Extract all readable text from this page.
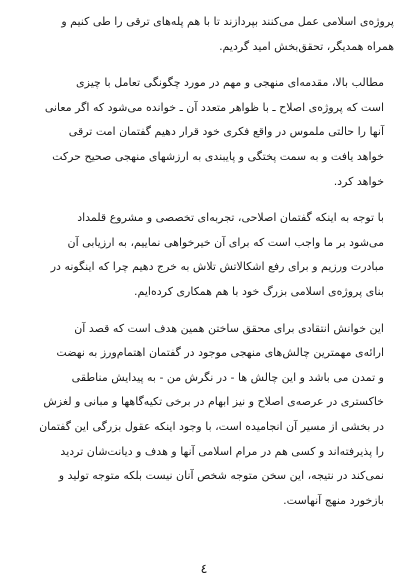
پروژه‌ی اسلامی عمل می‌کنند بپردازند تا با هم پله‌های ترقی را طی کنیم و
همراه همدیگر، تحقق‌بخش امید گردیم.

مطالب بالا، مقدمه‌ای منهجی و مهم در مورد چگونگی تعامل با چیزی
است که پروژه‌ی اصلاح ـ با ظواهر متعدد آن ـ خوانده می‌شود که اگر معانی
آنها را حالتی ملموس در واقع فکری خود قرار دهیم گفتمان امت ترقی
خواهد یافت و به سمت پختگی و پایبندی به ارزشهای منهجی صحیح حرکت
خواهد کرد.

با توجه به اینکه گفتمان اصلاحی، تجربه‌ای تخصصی و مشروع قلمداد
می‌شود بر ما واجب است که برای آن خیرخواهی نماییم، به ارزیابی آن
مبادرت ورزیم و برای رفع اشکالاتش تلاش به خرج دهیم چرا که اینگونه در
بنای پروژه‌ی اسلامی بزرگ خود با هم همکاری کرده‌ایم.

این خوانش انتقادی برای محقق ساختن همین هدف است که قصد آن
ارائه‌ی مهمترین چالش‌های منهجی موجود در گفتمان اهتمام‌ورز به نهضت
و تمدن می باشد و این چالش ها - در نگرش من - به پیدایش مناطقی
خاکستری در عرصه‌ی اصلاح و نیز ابهام در برخی تکیه‌گاهها و مبانی و لغزش
در بخشی از مسیر آن انجامیده است، با وجود اینکه عقول بزرگی این گفتمان
را پذیرفته‌اند و کسی هم در مرام اسلامی آنها و هدف و دیانت‌شان تردید
نمی‌کند در نتیجه، این سخن متوجه شخص آنان نیست بلکه متوجه تولید و
بازخورد منهج آنهاست.

٤
